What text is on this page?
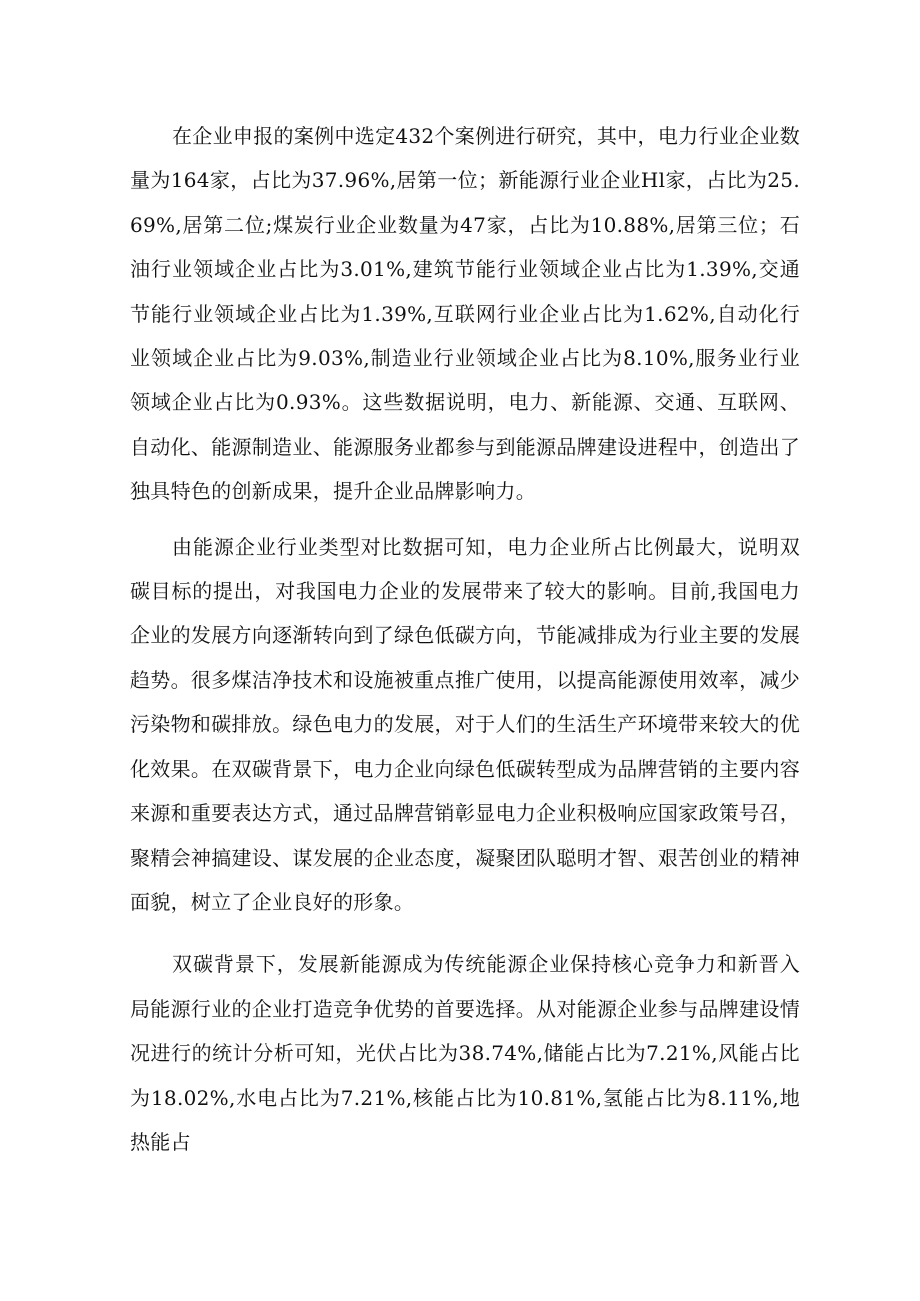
在企业申报的案例中选定432个案例进行研究，其中，电力行业企业数量为164家，占比为37.96%,居第一位；新能源行业企业Hl家，占比为25.69%,居第二位;煤炭行业企业数量为47家，占比为10.88%,居第三位；石油行业领域企业占比为3.01%,建筑节能行业领域企业占比为1.39%,交通节能行业领域企业占比为1.39%,互联网行业企业占比为1.62%,自动化行业领域企业占比为9.03%,制造业行业领域企业占比为8.10%,服务业行业领域企业占比为0.93%。这些数据说明，电力、新能源、交通、互联网、自动化、能源制造业、能源服务业都参与到能源品牌建设进程中，创造出了独具特色的创新成果，提升企业品牌影响力。

由能源企业行业类型对比数据可知，电力企业所占比例最大，说明双碳目标的提出，对我国电力企业的发展带来了较大的影响。目前,我国电力企业的发展方向逐渐转向到了绿色低碳方向，节能减排成为行业主要的发展趋势。很多煤洁净技术和设施被重点推广使用，以提高能源使用效率，减少污染物和碳排放。绿色电力的发展，对于人们的生活生产环境带来较大的优化效果。在双碳背景下，电力企业向绿色低碳转型成为品牌营销的主要内容来源和重要表达方式，通过品牌营销彰显电力企业积极响应国家政策号召，聚精会神搞建设、谋发展的企业态度，凝聚团队聪明才智、艰苦创业的精神面貌，树立了企业良好的形象。

双碳背景下，发展新能源成为传统能源企业保持核心竞争力和新晋入局能源行业的企业打造竞争优势的首要选择。从对能源企业参与品牌建设情况进行的统计分析可知，光伏占比为38.74%,储能占比为7.21%,风能占比为18.02%,水电占比为7.21%,核能占比为10.81%,氢能占比为8.11%,地热能占
